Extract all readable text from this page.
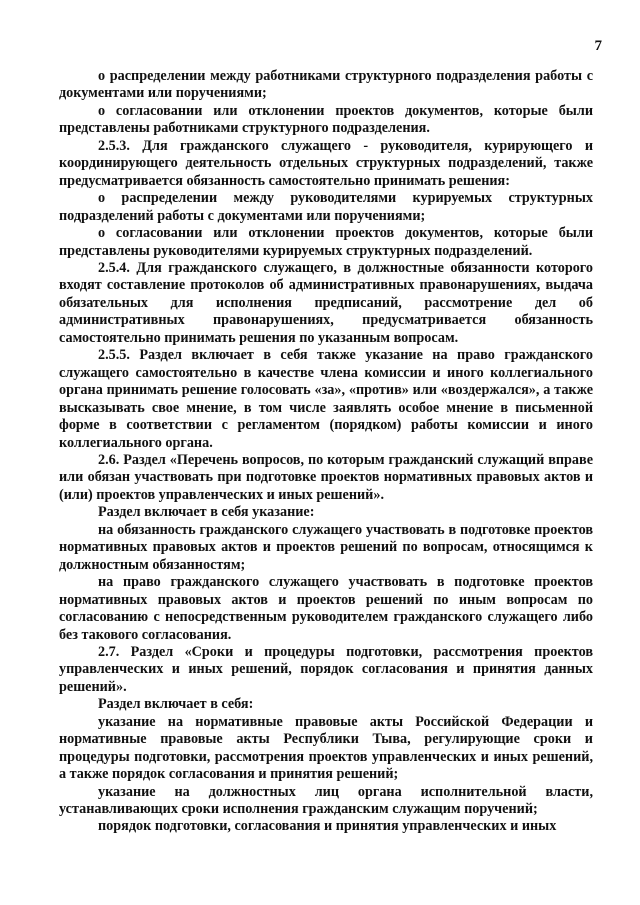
7

о распределении между работниками структурного подразделения работы с документами или поручениями;

о согласовании или отклонении проектов документов, которые были представлены работниками структурного подразделения.

2.5.3. Для гражданского служащего - руководителя, курирующего и координирующего деятельность отдельных структурных подразделений, также предусматривается обязанность самостоятельно принимать решения:

о распределении между руководителями курируемых структурных подразделений работы с документами или поручениями;

о согласовании или отклонении проектов документов, которые были представлены руководителями курируемых структурных подразделений.

2.5.4. Для гражданского служащего, в должностные обязанности которого входят составление протоколов об административных правонарушениях, выдача обязательных для исполнения предписаний, рассмотрение дел об административных правонарушениях, предусматривается обязанность самостоятельно принимать решения по указанным вопросам.

2.5.5. Раздел включает в себя также указание на право гражданского служащего самостоятельно в качестве члена комиссии и иного коллегиального органа принимать решение голосовать «за», «против» или «воздержался», а также высказывать свое мнение, в том числе заявлять особое мнение в письменной форме в соответствии с регламентом (порядком) работы комиссии и иного коллегиального органа.

2.6. Раздел «Перечень вопросов, по которым гражданский служащий вправе или обязан участвовать при подготовке проектов нормативных правовых актов и (или) проектов управленческих и иных решений».

Раздел включает в себя указание:

на обязанность гражданского служащего участвовать в подготовке проектов нормативных правовых актов и проектов решений по вопросам, относящимся к должностным обязанностям;

на право гражданского служащего участвовать в подготовке проектов нормативных правовых актов и проектов решений по иным вопросам по согласованию с непосредственным руководителем гражданского служащего либо без такового согласования.

2.7. Раздел «Сроки и процедуры подготовки, рассмотрения проектов управленческих и иных решений, порядок согласования и принятия данных решений».

Раздел включает в себя:

указание на нормативные правовые акты Российской Федерации и нормативные правовые акты Республики Тыва, регулирующие сроки и процедуры подготовки, рассмотрения проектов управленческих и иных решений, а также порядок согласования и принятия решений;

указание на должностных лиц органа исполнительной власти, устанавливающих сроки исполнения гражданским служащим поручений;

порядок подготовки, согласования и принятия управленческих и иных
